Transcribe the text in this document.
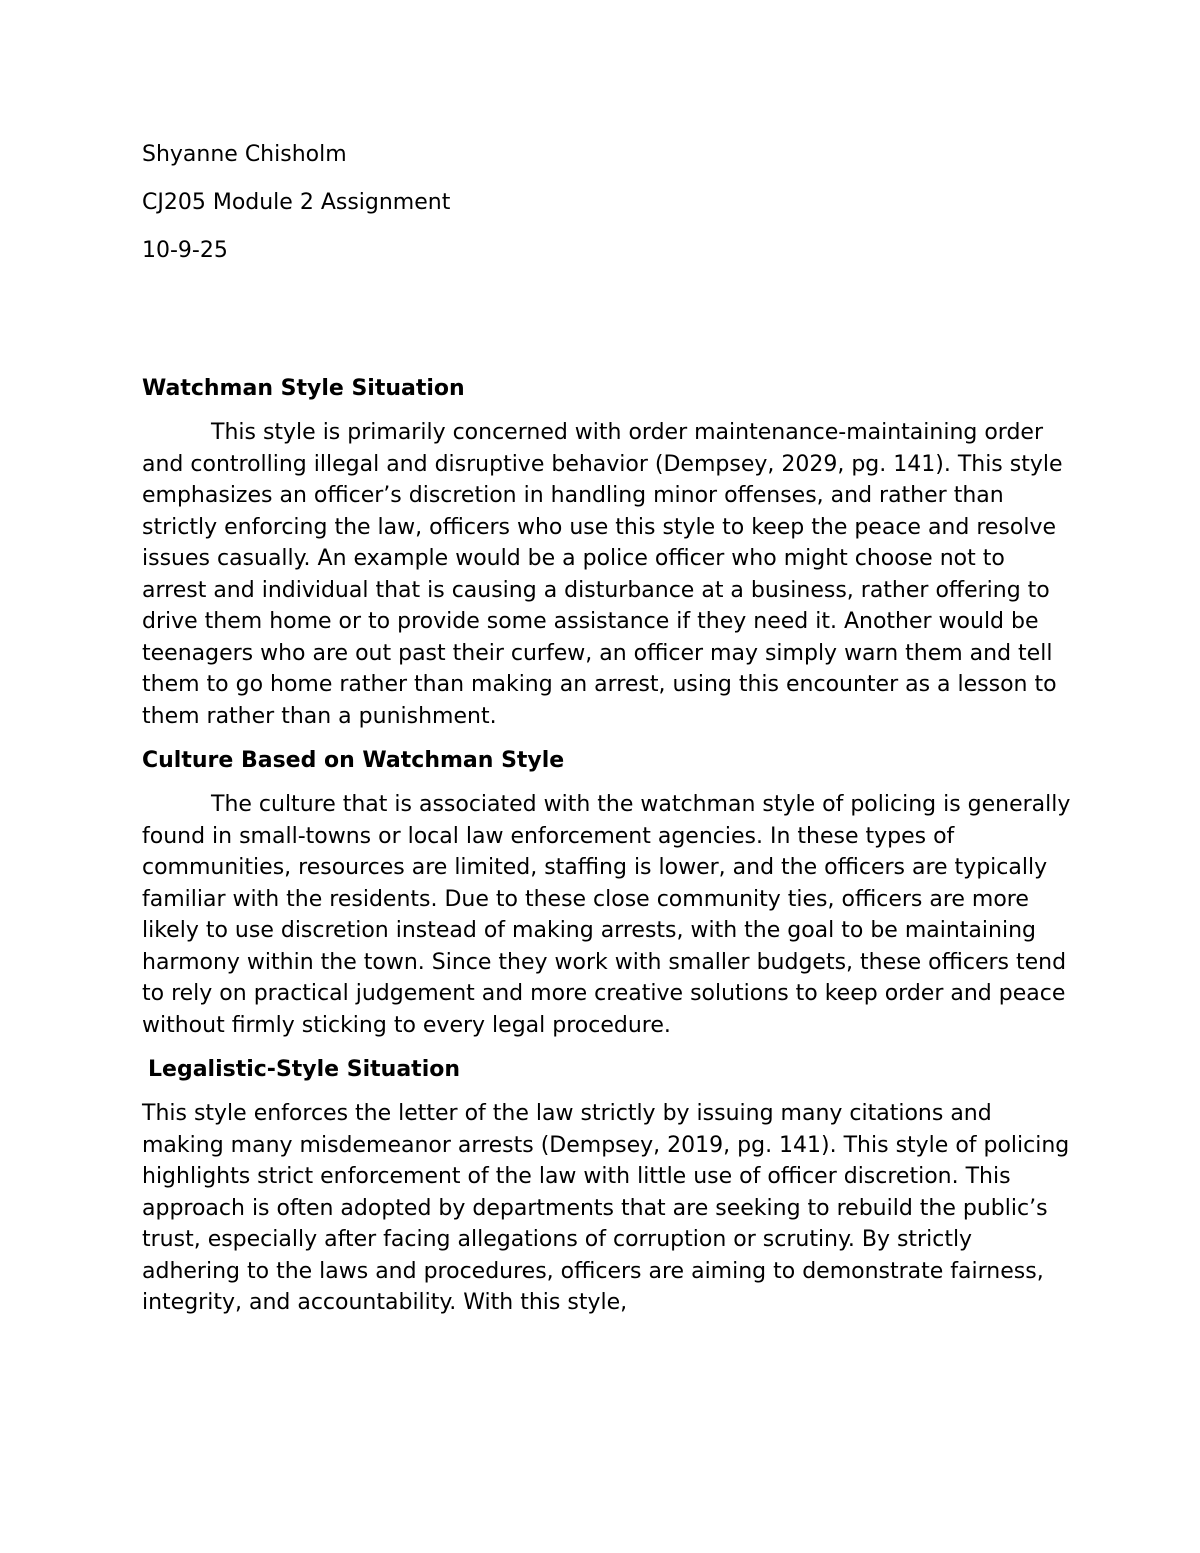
Shyanne Chisholm

CJ205 Module 2 Assignment

10-9-25

Watchman Style Situation

This style is primarily concerned with order maintenance-maintaining order and controlling illegal and disruptive behavior (Dempsey, 2029, pg. 141). This style emphasizes an officer’s discretion in handling minor offenses, and rather than strictly enforcing the law, officers who use this style to keep the peace and resolve issues casually. An example would be a police officer who might choose not to arrest and individual that is causing a disturbance at a business, rather offering to drive them home or to provide some assistance if they need it. Another would be teenagers who are out past their curfew, an officer may simply warn them and tell them to go home rather than making an arrest, using this encounter as a lesson to them rather than a punishment.

Culture Based on Watchman Style

The culture that is associated with the watchman style of policing is generally found in small-towns or local law enforcement agencies. In these types of communities, resources are limited, staffing is lower, and the officers are typically familiar with the residents. Due to these close community ties, officers are more likely to use discretion instead of making arrests, with the goal to be maintaining harmony within the town. Since they work with smaller budgets, these officers tend to rely on practical judgement and more creative solutions to keep order and peace without firmly sticking to every legal procedure.

Legalistic-Style Situation

This style enforces the letter of the law strictly by issuing many citations and making many misdemeanor arrests (Dempsey, 2019, pg. 141). This style of policing highlights strict enforcement of the law with little use of officer discretion. This approach is often adopted by departments that are seeking to rebuild the public’s trust, especially after facing allegations of corruption or scrutiny. By strictly adhering to the laws and procedures, officers are aiming to demonstrate fairness, integrity, and accountability. With this style,
